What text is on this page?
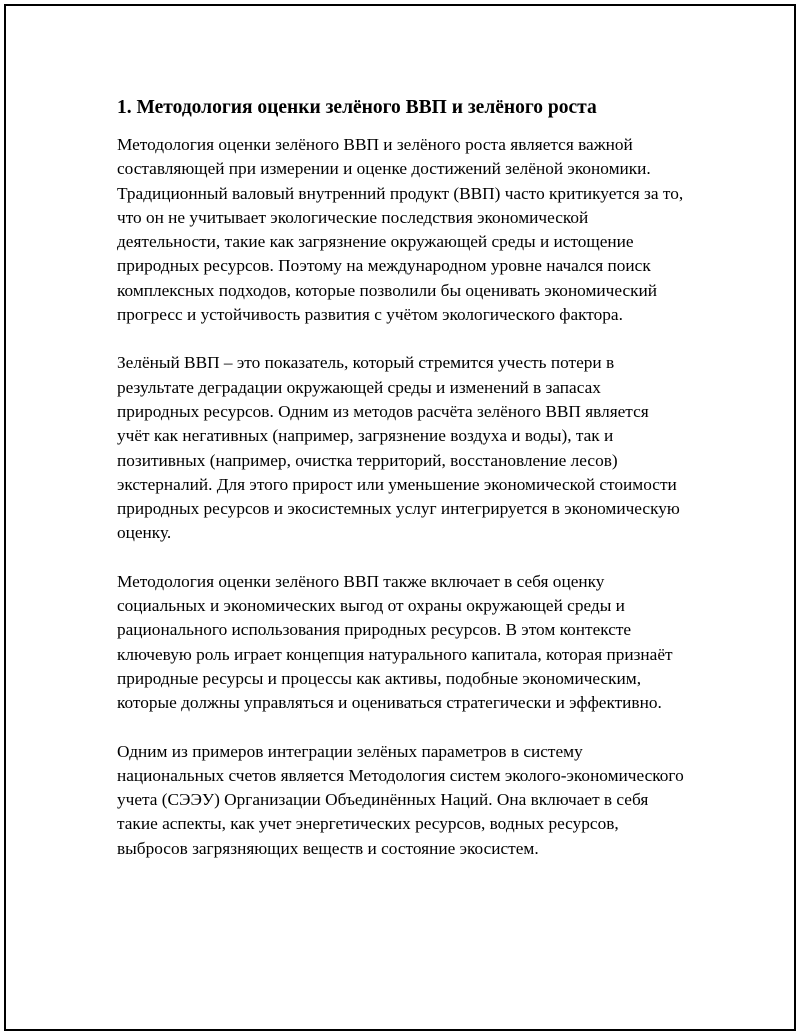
1. Методология оценки зелёного ВВП и зелёного роста

Методология оценки зелёного ВВП и зелёного роста является важной составляющей при измерении и оценке достижений зелёной экономики. Традиционный валовый внутренний продукт (ВВП) часто критикуется за то, что он не учитывает экологические последствия экономической деятельности, такие как загрязнение окружающей среды и истощение природных ресурсов. Поэтому на международном уровне начался поиск комплексных подходов, которые позволили бы оценивать экономический прогресс и устойчивость развития с учётом экологического фактора.

Зелёный ВВП – это показатель, который стремится учесть потери в результате деградации окружающей среды и изменений в запасах природных ресурсов. Одним из методов расчёта зелёного ВВП является учёт как негативных (например, загрязнение воздуха и воды), так и позитивных (например, очистка территорий, восстановление лесов) экстерналий. Для этого прирост или уменьшение экономической стоимости природных ресурсов и экосистемных услуг интегрируется в экономическую оценку.

Методология оценки зелёного ВВП также включает в себя оценку социальных и экономических выгод от охраны окружающей среды и рационального использования природных ресурсов. В этом контексте ключевую роль играет концепция натурального капитала, которая признаёт природные ресурсы и процессы как активы, подобные экономическим, которые должны управляться и оцениваться стратегически и эффективно.

Одним из примеров интеграции зелёных параметров в систему национальных счетов является Методология систем эколого-экономического учета (СЭЭУ) Организации Объединённых Наций. Она включает в себя такие аспекты, как учет энергетических ресурсов, водных ресурсов, выбросов загрязняющих веществ и состояние экосистем.
